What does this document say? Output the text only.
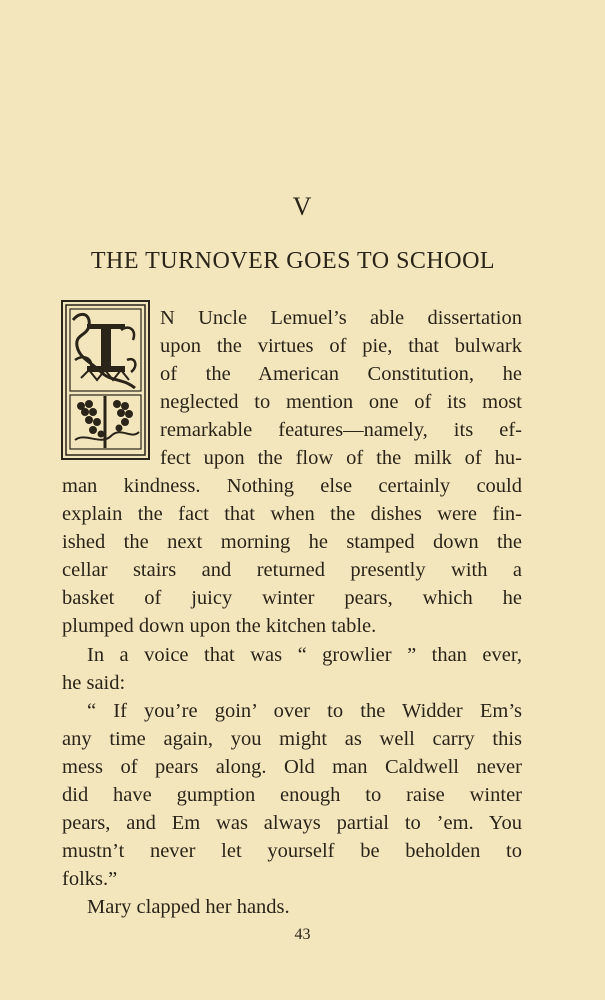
V
THE TURNOVER GOES TO SCHOOL
N Uncle Lemuel’s able dissertation
upon the virtues of pie, that bulwark
of the American Constitution, he
neglected to mention one of its most
remarkable features—namely, its ef-
fect upon the flow of the milk of hu-
man kindness. Nothing else certainly could
explain the fact that when the dishes were fin-
ished the next morning he stamped down the
cellar stairs and returned presently with a
basket of juicy winter pears, which he
plumped down upon the kitchen table.
In a voice that was “ growlier ” than ever,
he said:
“ If you’re goin’ over to the Widder Em’s
any time again, you might as well carry this
mess of pears along. Old man Caldwell never
did have gumption enough to raise winter
pears, and Em was always partial to ’em. You
mustn’t never let yourself be beholden to
folks.”
Mary clapped her hands.
43
